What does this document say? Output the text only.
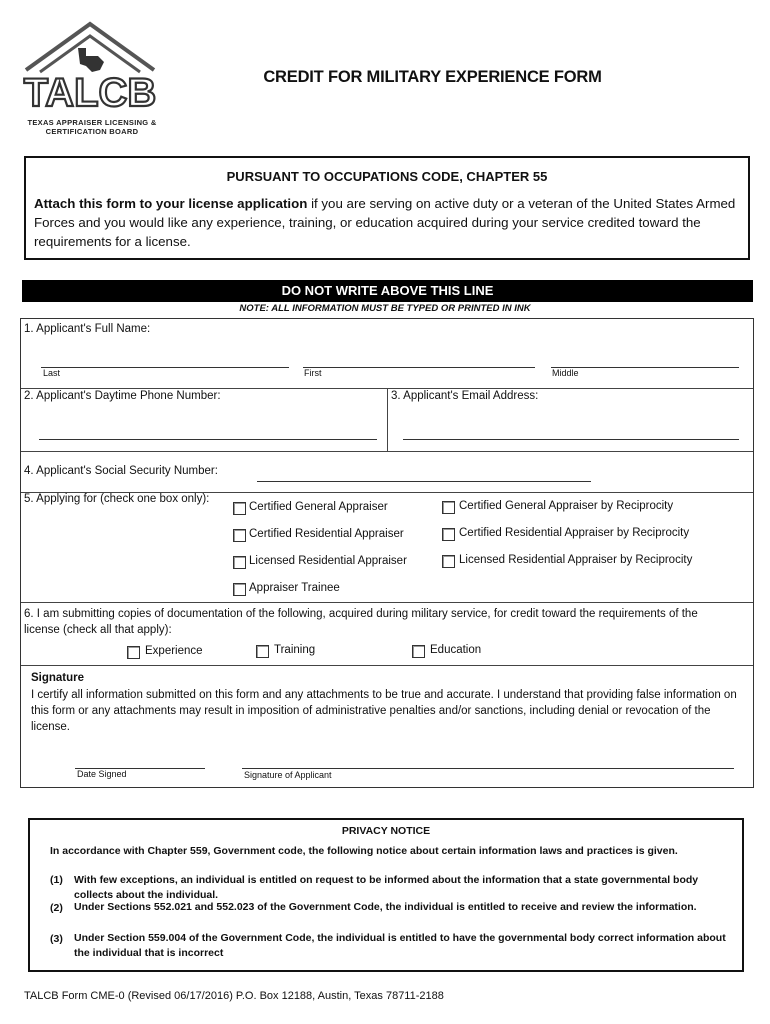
TALCB
TEXAS APPRAISER LICENSING &
CERTIFICATION BOARD
CREDIT FOR MILITARY EXPERIENCE FORM
PURSUANT TO OCCUPATIONS CODE, CHAPTER 55
Attach this form to your license application if you are serving on active duty or a veteran of the United States Armed Forces and you would like any experience, training, or education acquired during your service credited toward the requirements for a license.
DO NOT WRITE ABOVE THIS LINE
NOTE: ALL INFORMATION MUST BE TYPED OR PRINTED IN INK
1. Applicant's Full Name:
Last	First	Middle
2. Applicant's Daytime Phone Number:	3. Applicant's Email Address:
4. Applicant's Social Security Number:
5. Applying for (check one box only):
Certified General Appraiser	Certified General Appraiser by Reciprocity
Certified Residential Appraiser	Certified Residential Appraiser by Reciprocity
Licensed Residential Appraiser	Licensed Residential Appraiser by Reciprocity
Appraiser Trainee
6. I am submitting copies of documentation of the following, acquired during military service, for credit toward the requirements of the
license (check all that apply):
Experience	Training	Education
Signature
I certify all information submitted on this form and any attachments to be true and accurate. I understand that providing false information on this form or any attachments may result in imposition of administrative penalties and/or sanctions, including denial or revocation of the license.
Date Signed	Signature of Applicant
PRIVACY NOTICE
In accordance with Chapter 559, Government code, the following notice about certain information laws and practices is given.
(1) With few exceptions, an individual is entitled on request to be informed about the information that a state governmental body collects about the individual.
(2) Under Sections 552.021 and 552.023 of the Government Code, the individual is entitled to receive and review the information.
(3) Under Section 559.004 of the Government Code, the individual is entitled to have the governmental body correct information about the individual that is incorrect
TALCB Form CME-0 (Revised 06/17/2016) P.O. Box 12188, Austin, Texas 78711-2188
